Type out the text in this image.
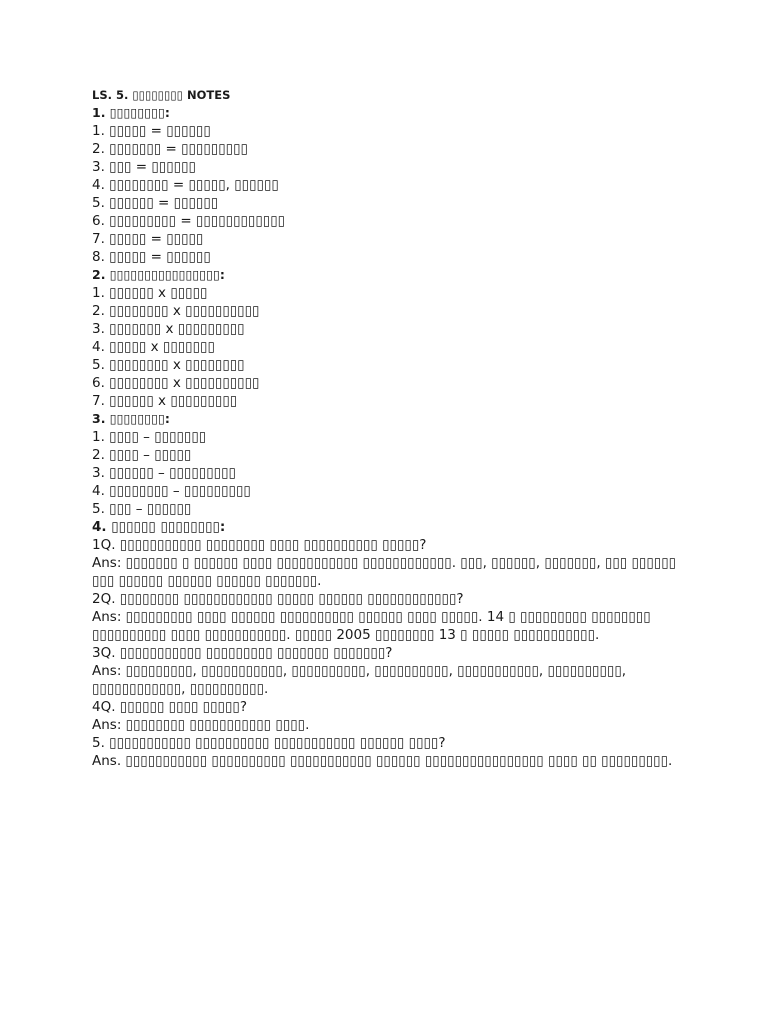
LS. 5. ▯▯▯▯▯▯▯▯ NOTES
1. ▯▯▯▯▯▯▯▯:
1. ▯▯▯▯▯ = ▯▯▯▯▯▯
2. ▯▯▯▯▯▯▯ = ▯▯▯▯▯▯▯▯▯
3. ▯▯▯ = ▯▯▯▯▯▯
4. ▯▯▯▯▯▯▯▯ = ▯▯▯▯▯, ▯▯▯▯▯▯
5. ▯▯▯▯▯▯ = ▯▯▯▯▯▯
6. ▯▯▯▯▯▯▯▯▯ = ▯▯▯▯▯▯▯▯▯▯▯▯
7. ▯▯▯▯▯ = ▯▯▯▯▯
8. ▯▯▯▯▯ = ▯▯▯▯▯▯
2. ▯▯▯▯▯▯▯▯▯▯▯▯▯▯▯▯:
1. ▯▯▯▯▯▯ x ▯▯▯▯▯
2. ▯▯▯▯▯▯▯▯ x ▯▯▯▯▯▯▯▯▯▯
3. ▯▯▯▯▯▯▯ x ▯▯▯▯▯▯▯▯▯
4. ▯▯▯▯▯ x ▯▯▯▯▯▯▯
5. ▯▯▯▯▯▯▯▯ x ▯▯▯▯▯▯▯▯
6. ▯▯▯▯▯▯▯▯ x ▯▯▯▯▯▯▯▯▯▯
7. ▯▯▯▯▯▯ x ▯▯▯▯▯▯▯▯▯
3. ▯▯▯▯▯▯▯▯:
1. ▯▯▯▯ – ▯▯▯▯▯▯▯
2. ▯▯▯▯ – ▯▯▯▯▯
3. ▯▯▯▯▯▯ – ▯▯▯▯▯▯▯▯▯
4. ▯▯▯▯▯▯▯▯ – ▯▯▯▯▯▯▯▯▯
5. ▯▯▯ – ▯▯▯▯▯▯
4. ▯▯▯▯▯▯ ▯▯▯▯▯▯▯▯:
1Q. ▯▯▯▯▯▯▯▯▯▯▯ ▯▯▯▯▯▯▯▯ ▯▯▯▯ ▯▯▯▯▯▯▯▯▯▯ ▯▯▯▯▯?
Ans: ▯▯▯▯▯▯▯ ▯ ▯▯▯▯▯▯ ▯▯▯▯ ▯▯▯▯▯▯▯▯▯▯▯ ▯▯▯▯▯▯▯▯▯▯▯▯. ▯▯▯, ▯▯▯▯▯▯, ▯▯▯▯▯▯▯, ▯▯▯ ▯▯▯▯▯▯ ▯▯▯ ▯▯▯▯▯▯ ▯▯▯▯▯▯ ▯▯▯▯▯▯ ▯▯▯▯▯▯▯.
2Q. ▯▯▯▯▯▯▯▯ ▯▯▯▯▯▯▯▯▯▯▯▯ ▯▯▯▯▯ ▯▯▯▯▯▯ ▯▯▯▯▯▯▯▯▯▯▯▯?
Ans: ▯▯▯▯▯▯▯▯▯ ▯▯▯▯ ▯▯▯▯▯▯ ▯▯▯▯▯▯▯▯▯▯ ▯▯▯▯▯▯ ▯▯▯▯ ▯▯▯▯▯. 14 ▯ ▯▯▯▯▯▯▯▯▯ ▯▯▯▯▯▯▯▯ ▯▯▯▯▯▯▯▯▯▯ ▯▯▯▯ ▯▯▯▯▯▯▯▯▯▯▯. ▯▯▯▯▯ 2005 ▯▯▯▯▯▯▯▯ 13 ▯ ▯▯▯▯▯ ▯▯▯▯▯▯▯▯▯▯▯.
3Q. ▯▯▯▯▯▯▯▯▯▯▯ ▯▯▯▯▯▯▯▯▯ ▯▯▯▯▯▯▯ ▯▯▯▯▯▯▯?
Ans: ▯▯▯▯▯▯▯▯▯, ▯▯▯▯▯▯▯▯▯▯▯, ▯▯▯▯▯▯▯▯▯▯, ▯▯▯▯▯▯▯▯▯▯, ▯▯▯▯▯▯▯▯▯▯▯, ▯▯▯▯▯▯▯▯▯▯, ▯▯▯▯▯▯▯▯▯▯▯▯, ▯▯▯▯▯▯▯▯▯▯.
4Q. ▯▯▯▯▯▯ ▯▯▯▯ ▯▯▯▯▯?
Ans: ▯▯▯▯▯▯▯▯ ▯▯▯▯▯▯▯▯▯▯▯ ▯▯▯▯.
5. ▯▯▯▯▯▯▯▯▯▯▯ ▯▯▯▯▯▯▯▯▯▯ ▯▯▯▯▯▯▯▯▯▯▯ ▯▯▯▯▯▯ ▯▯▯▯?
Ans. ▯▯▯▯▯▯▯▯▯▯▯ ▯▯▯▯▯▯▯▯▯▯ ▯▯▯▯▯▯▯▯▯▯▯ ▯▯▯▯▯▯ ▯▯▯▯▯▯▯▯▯▯▯▯▯▯▯▯ ▯▯▯▯ ▯▯ ▯▯▯▯▯▯▯▯▯.
